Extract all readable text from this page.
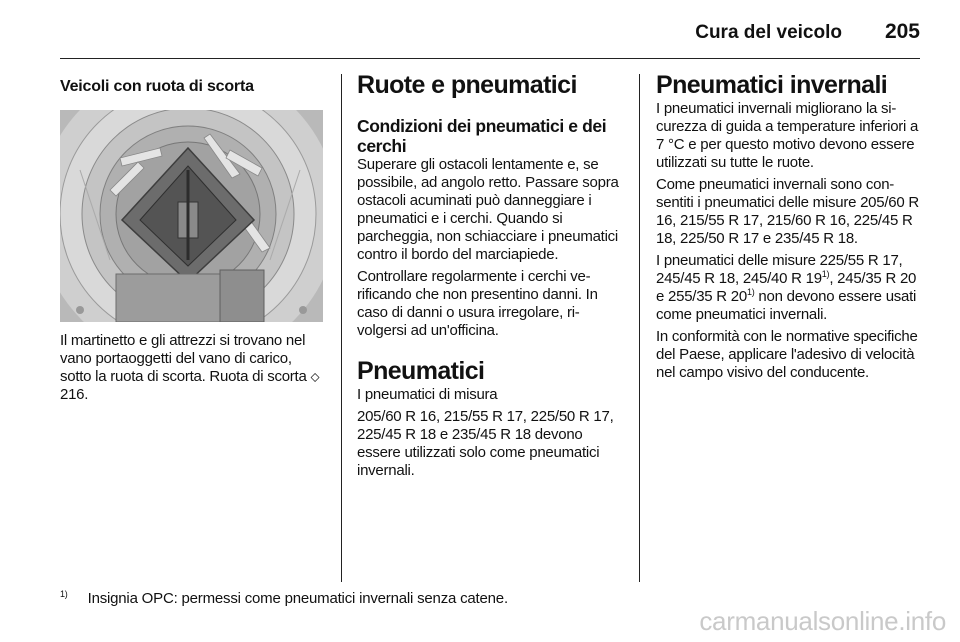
Cura del veicolo 205
Veicoli con ruota di scorta

Il martinetto e gli attrezzi si trovano nel vano portaoggetti del vano di carico, sotto la ruota di scorta. Ruota di scorta ⬦ 216.

Ruote e pneumatici
Condizioni dei pneumatici e dei cerchi

Superare gli ostacoli lentamente e, se possibile, ad angolo retto. Passare sopra ostacoli acuminati può danneggiare i pneumatici e i cerchi. Quando si parcheggia, non schiacciare i pneumatici contro il bordo del marciapiede.

Controllare regolarmente i cerchi verificando che non presentino danni. In caso di danni o usura irregolare, rivolgersi ad un'officina.

Pneumatici

I pneumatici di misura

205/60 R 16, 215/55 R 17, 225/50 R 17, 225/45 R 18 e 235/45 R 18 devono essere utilizzati solo come pneumatici invernali.

Pneumatici invernali

I pneumatici invernali migliorano la sicurezza di guida a temperature inferiori a 7 °C e per questo motivo devono essere utilizzati su tutte le ruote.

Come pneumatici invernali sono consentiti i pneumatici delle misure 205/60 R 16, 215/55 R 17, 215/60 R 16, 225/45 R 18, 225/50 R 17 e 235/45 R 18.

I pneumatici delle misure 225/55 R 17, 245/45 R 18, 245/40 R 19$^{1)}$, 245/35 R 20 e 255/35 R 20$^{1)}$ non devono essere usati come pneumatici invernali.

In conformità con le normative specifiche del Paese, applicare l'adesivo di velocità nel campo visivo del conducente.

$^{1)}$ Insignia OPC: permessi come pneumatici invernali senza catene.
carmanualsonline.info
